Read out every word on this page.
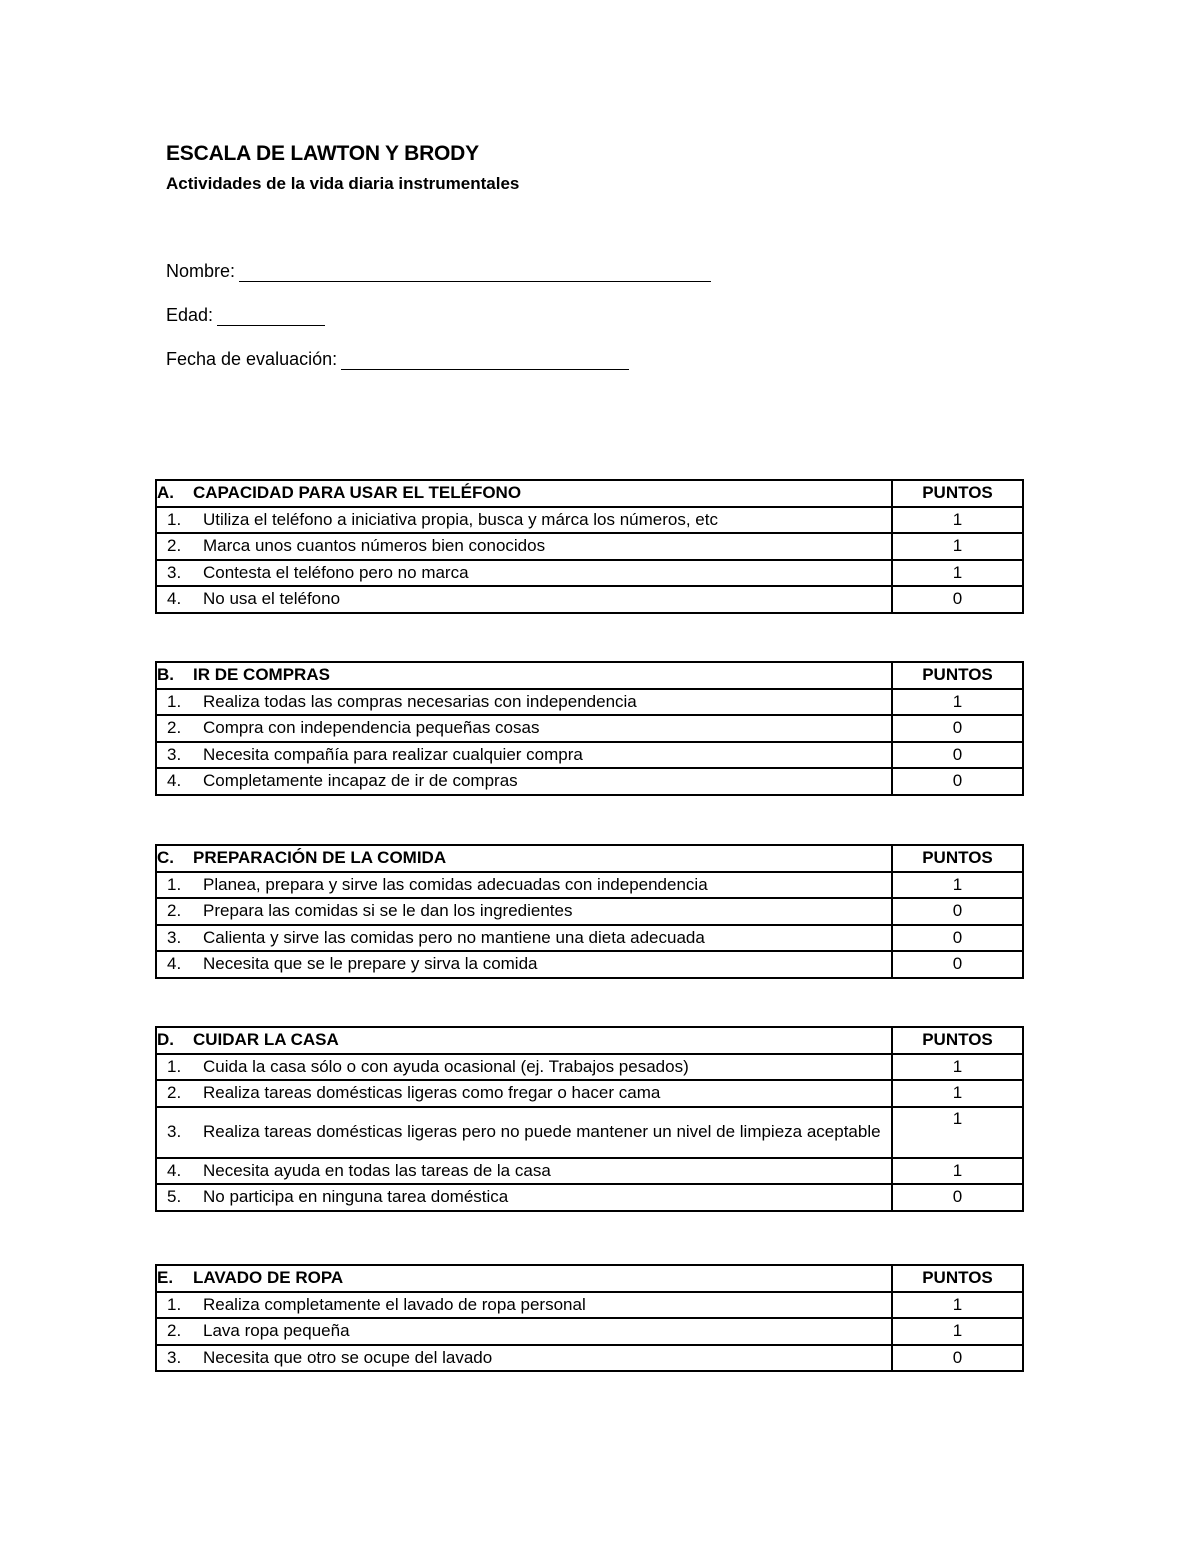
ESCALA DE LAWTON Y BRODY
Actividades de la vida diaria instrumentales
Nombre:
Edad:
Fecha de evaluación:
A. CAPACIDAD PARA USAR EL TELÉFONO	PUNTOS

1. Utiliza el teléfono a iniciativa propia, busca y márca los números, etc	1

2. Marca unos cuantos números bien conocidos	1

3. Contesta el teléfono pero no marca	1

4. No usa el teléfono	0
B. IR DE COMPRAS	PUNTOS

1. Realiza todas las compras necesarias con independencia	1

2. Compra con independencia pequeñas cosas	0

3. Necesita compañía para realizar cualquier compra	0

4. Completamente incapaz de ir de compras	0
C. PREPARACIÓN DE LA COMIDA	PUNTOS

1. Planea, prepara y sirve las comidas adecuadas con independencia	1

2. Prepara las comidas si se le dan los ingredientes	0

3. Calienta y sirve las comidas pero no mantiene una dieta adecuada	0

4. Necesita que se le prepare y sirva la comida	0
D. CUIDAR LA CASA	PUNTOS

1. Cuida la casa sólo o con ayuda ocasional (ej. Trabajos pesados)	1

2. Realiza tareas domésticas ligeras como fregar o hacer cama	1

3. Realiza tareas domésticas ligeras pero no puede mantener un nivel de limpieza aceptable	1

4. Necesita ayuda en todas las tareas de la casa	1

5. No participa en ninguna tarea doméstica	0
E. LAVADO DE ROPA	PUNTOS

1. Realiza completamente el lavado de ropa personal	1

2. Lava ropa pequeña	1

3. Necesita que otro se ocupe del lavado	0
